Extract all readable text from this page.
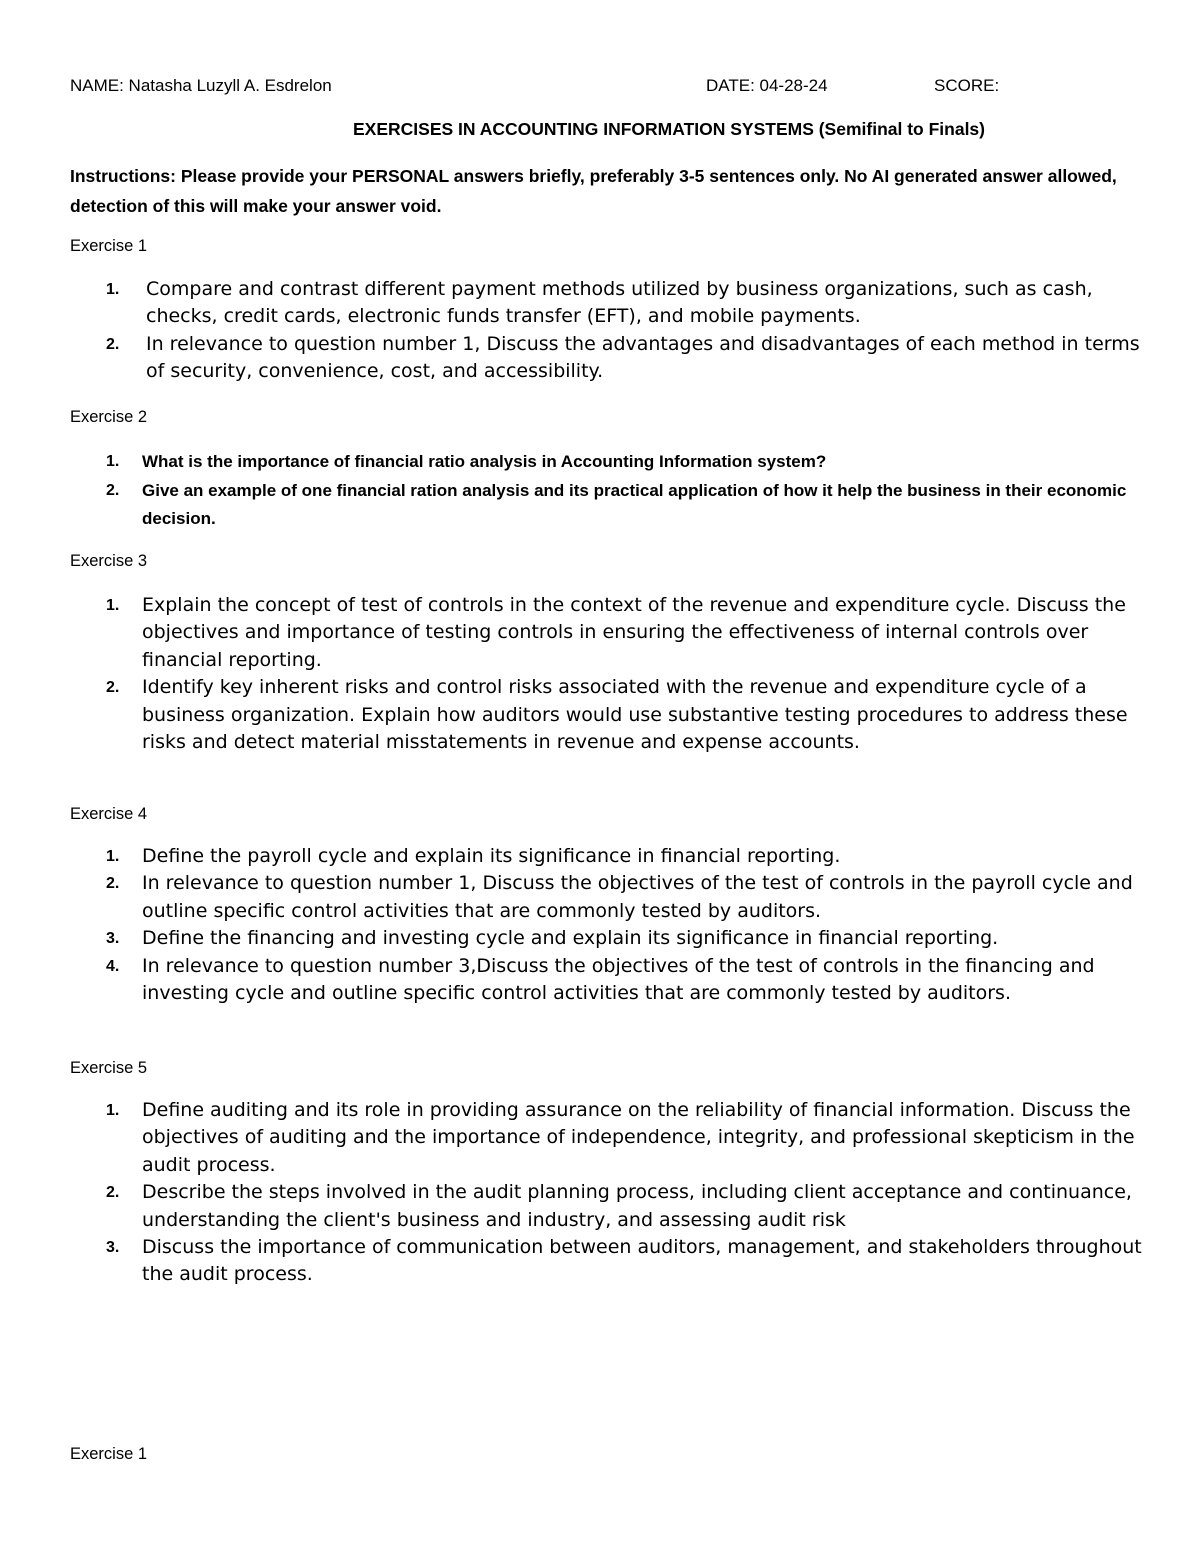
NAME: Natasha Luzyll A. Esdrelon	DATE: 04-28-24	SCORE:
EXERCISES IN ACCOUNTING INFORMATION SYSTEMS (Semifinal to Finals)
Instructions: Please provide your PERSONAL answers briefly, preferably 3-5 sentences only. No AI generated answer allowed, detection of this will make your answer void.
Exercise 1
1. Compare and contrast different payment methods utilized by business organizations, such as cash, checks, credit cards, electronic funds transfer (EFT), and mobile payments.
2. In relevance to question number 1, Discuss the advantages and disadvantages of each method in terms of security, convenience, cost, and accessibility.
Exercise 2
1. What is the importance of financial ratio analysis in Accounting Information system?
2. Give an example of one financial ration analysis and its practical application of how it help the business in their economic decision.
Exercise 3
1. Explain the concept of test of controls in the context of the revenue and expenditure cycle. Discuss the objectives and importance of testing controls in ensuring the effectiveness of internal controls over financial reporting.
2. Identify key inherent risks and control risks associated with the revenue and expenditure cycle of a business organization. Explain how auditors would use substantive testing procedures to address these risks and detect material misstatements in revenue and expense accounts.
Exercise 4
1. Define the payroll cycle and explain its significance in financial reporting.
2. In relevance to question number 1, Discuss the objectives of the test of controls in the payroll cycle and outline specific control activities that are commonly tested by auditors.
3. Define the financing and investing cycle and explain its significance in financial reporting.
4. In relevance to question number 3,Discuss the objectives of the test of controls in the financing and investing cycle and outline specific control activities that are commonly tested by auditors.
Exercise 5
1. Define auditing and its role in providing assurance on the reliability of financial information. Discuss the objectives of auditing and the importance of independence, integrity, and professional skepticism in the audit process.
2. Describe the steps involved in the audit planning process, including client acceptance and continuance, understanding the client's business and industry, and assessing audit risk
3. Discuss the importance of communication between auditors, management, and stakeholders throughout the audit process.
Exercise 1
